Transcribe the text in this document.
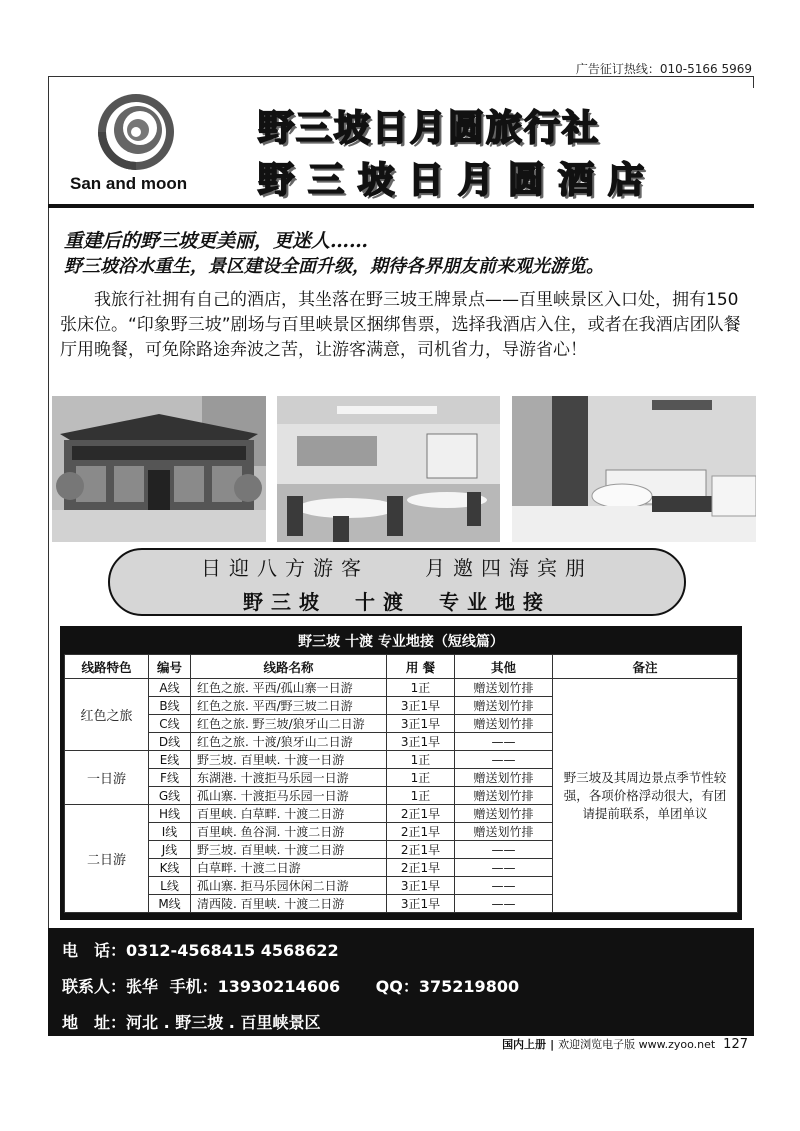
广告征订热线：010-5166 5969
San and moon
野三坡日月圆旅行社
野三坡日月圆酒店
重建后的野三坡更美丽，更迷人……
野三坡浴水重生，景区建设全面升级，期待各界朋友前来观光游览。

我旅行社拥有自己的酒店，其坐落在野三坡王牌景点——百里峡景区入口处，拥有150张床位。“印象野三坡”剧场与百里峡景区捆绑售票，选择我酒店入住，或者在我酒店团队餐厅用晚餐，可免除路途奔波之苦，让游客满意，司机省力，导游省心！

日迎八方游客　　月邀四海宾朋
野三坡　十渡　专业地接
野三坡 十渡 专业地接（短线篇）
线路特色	编号	线路名称	用 餐	其他	备注
红色之旅	A线	红色之旅. 平西/孤山寨一日游	1正	赠送划竹排	野三坡及其周边景点季节性较强，各项价格浮动很大，有团请提前联系，单团单议
	B线	红色之旅. 平西/野三坡二日游	3正1早	赠送划竹排	
	C线	红色之旅. 野三坡/狼牙山二日游	3正1早	赠送划竹排	
	D线	红色之旅. 十渡/狼牙山二日游	3正1早	——	
一日游	E线	野三坡. 百里峡. 十渡一日游	1正	——	
	F线	东湖港. 十渡拒马乐园一日游	1正	赠送划竹排	
	G线	孤山寨. 十渡拒马乐园一日游	1正	赠送划竹排	
二日游	H线	百里峡. 白草畔. 十渡二日游	2正1早	赠送划竹排	
	I线	百里峡. 鱼谷洞. 十渡二日游	2正1早	赠送划竹排	
	J线	野三坡. 百里峡. 十渡二日游	2正1早	——	
	K线	白草畔. 十渡二日游	2正1早	——	
	L线	孤山寨. 拒马乐园休闲二日游	3正1早	——	
	M线	清西陵. 百里峡. 十渡二日游	3正1早	——	
电　话：0312-4568415 4568622
联系人：张华 手机：13930214606 QQ：375219800
地　址：河北 . 野三坡 . 百里峡景区
国内上册 | 欢迎浏览电子版 www.zyoo.net 127
